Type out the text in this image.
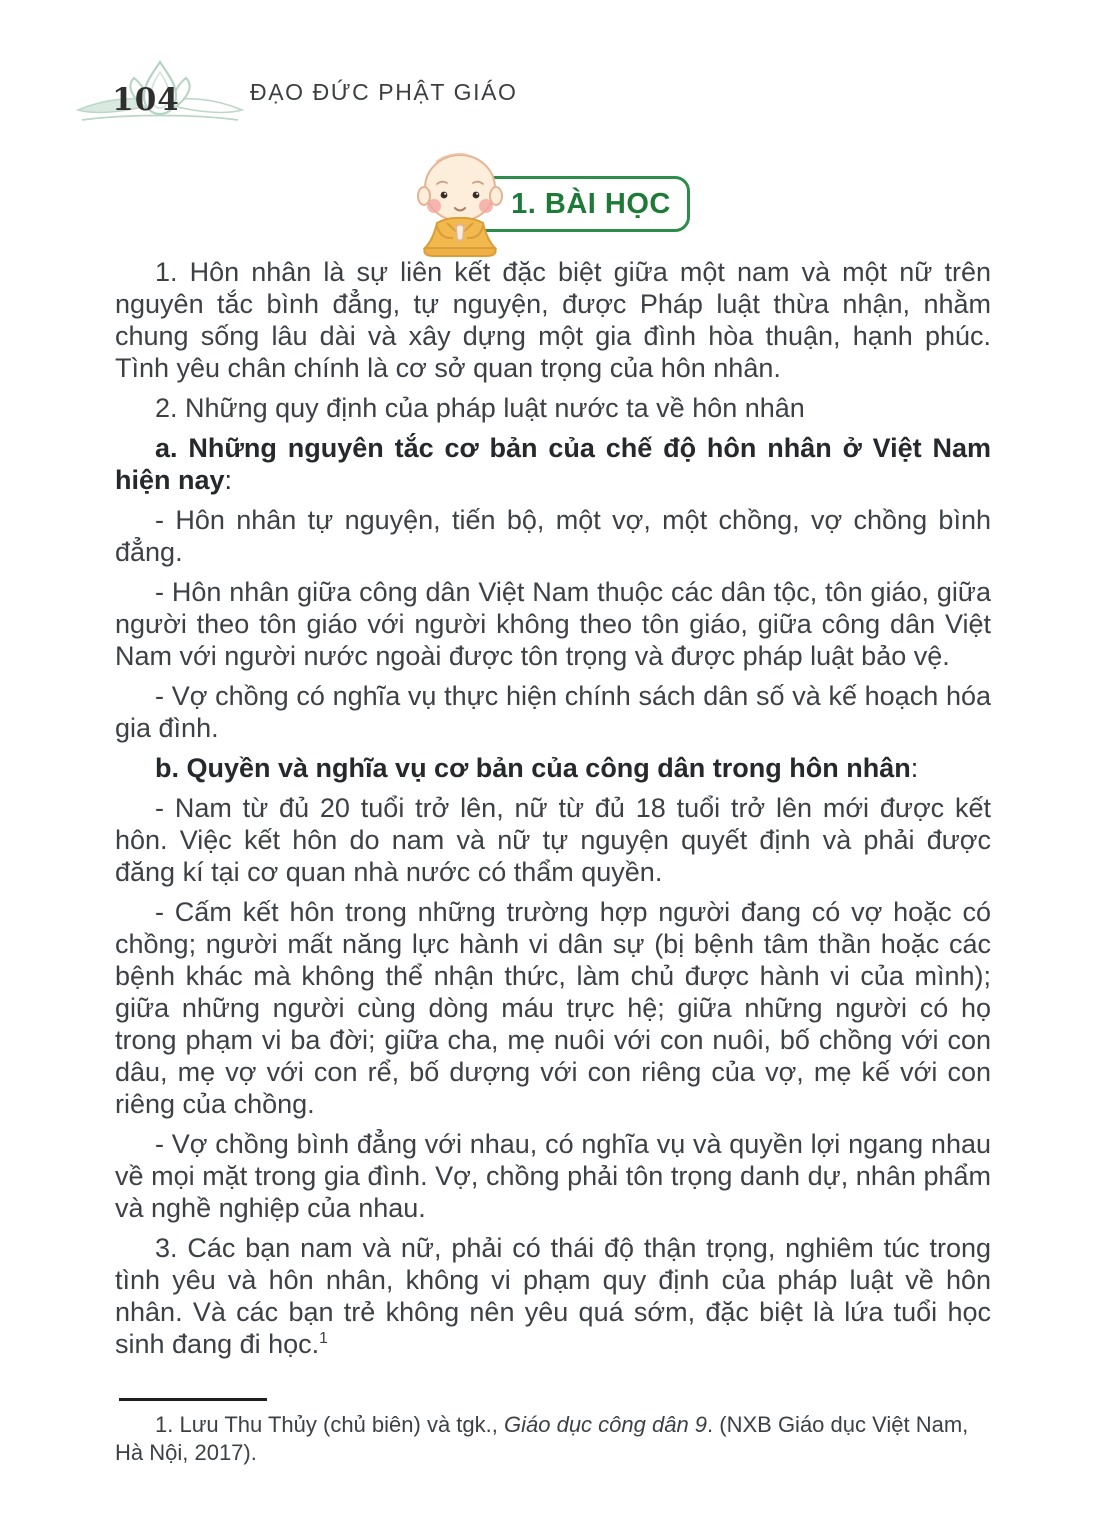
104	ĐẠO ĐỨC PHẬT GIÁO
1. BÀI HỌC

1. Hôn nhân là sự liên kết đặc biệt giữa một nam và một nữ trên nguyên tắc bình đẳng, tự nguyện, được Pháp luật thừa nhận, nhằm chung sống lâu dài và xây dựng một gia đình hòa thuận, hạnh phúc. Tình yêu chân chính là cơ sở quan trọng của hôn nhân.

2. Những quy định của pháp luật nước ta về hôn nhân

a. Những nguyên tắc cơ bản của chế độ hôn nhân ở Việt Nam hiện nay:

- Hôn nhân tự nguyện, tiến bộ, một vợ, một chồng, vợ chồng bình đẳng.

- Hôn nhân giữa công dân Việt Nam thuộc các dân tộc, tôn giáo, giữa người theo tôn giáo với người không theo tôn giáo, giữa công dân Việt Nam với người nước ngoài được tôn trọng và được pháp luật bảo vệ.

- Vợ chồng có nghĩa vụ thực hiện chính sách dân số và kế hoạch hóa gia đình.

b. Quyền và nghĩa vụ cơ bản của công dân trong hôn nhân:

- Nam từ đủ 20 tuổi trở lên, nữ từ đủ 18 tuổi trở lên mới được kết hôn. Việc kết hôn do nam và nữ tự nguyện quyết định và phải được đăng kí tại cơ quan nhà nước có thẩm quyền.

- Cấm kết hôn trong những trường hợp người đang có vợ hoặc có chồng; người mất năng lực hành vi dân sự (bị bệnh tâm thần hoặc các bệnh khác mà không thể nhận thức, làm chủ được hành vi của mình); giữa những người cùng dòng máu trực hệ; giữa những người có họ trong phạm vi ba đời; giữa cha, mẹ nuôi với con nuôi, bố chồng với con dâu, mẹ vợ với con rể, bố dượng với con riêng của vợ, mẹ kế với con riêng của chồng.

- Vợ chồng bình đẳng với nhau, có nghĩa vụ và quyền lợi ngang nhau về mọi mặt trong gia đình. Vợ, chồng phải tôn trọng danh dự, nhân phẩm và nghề nghiệp của nhau.

3. Các bạn nam và nữ, phải có thái độ thận trọng, nghiêm túc trong tình yêu và hôn nhân, không vi phạm quy định của pháp luật về hôn nhân. Và các bạn trẻ không nên yêu quá sớm, đặc biệt là lứa tuổi học sinh đang đi học.$^1$

1. Lưu Thu Thủy (chủ biên) và tgk., Giáo dục công dân 9. (NXB Giáo dục Việt Nam, Hà Nội, 2017).
